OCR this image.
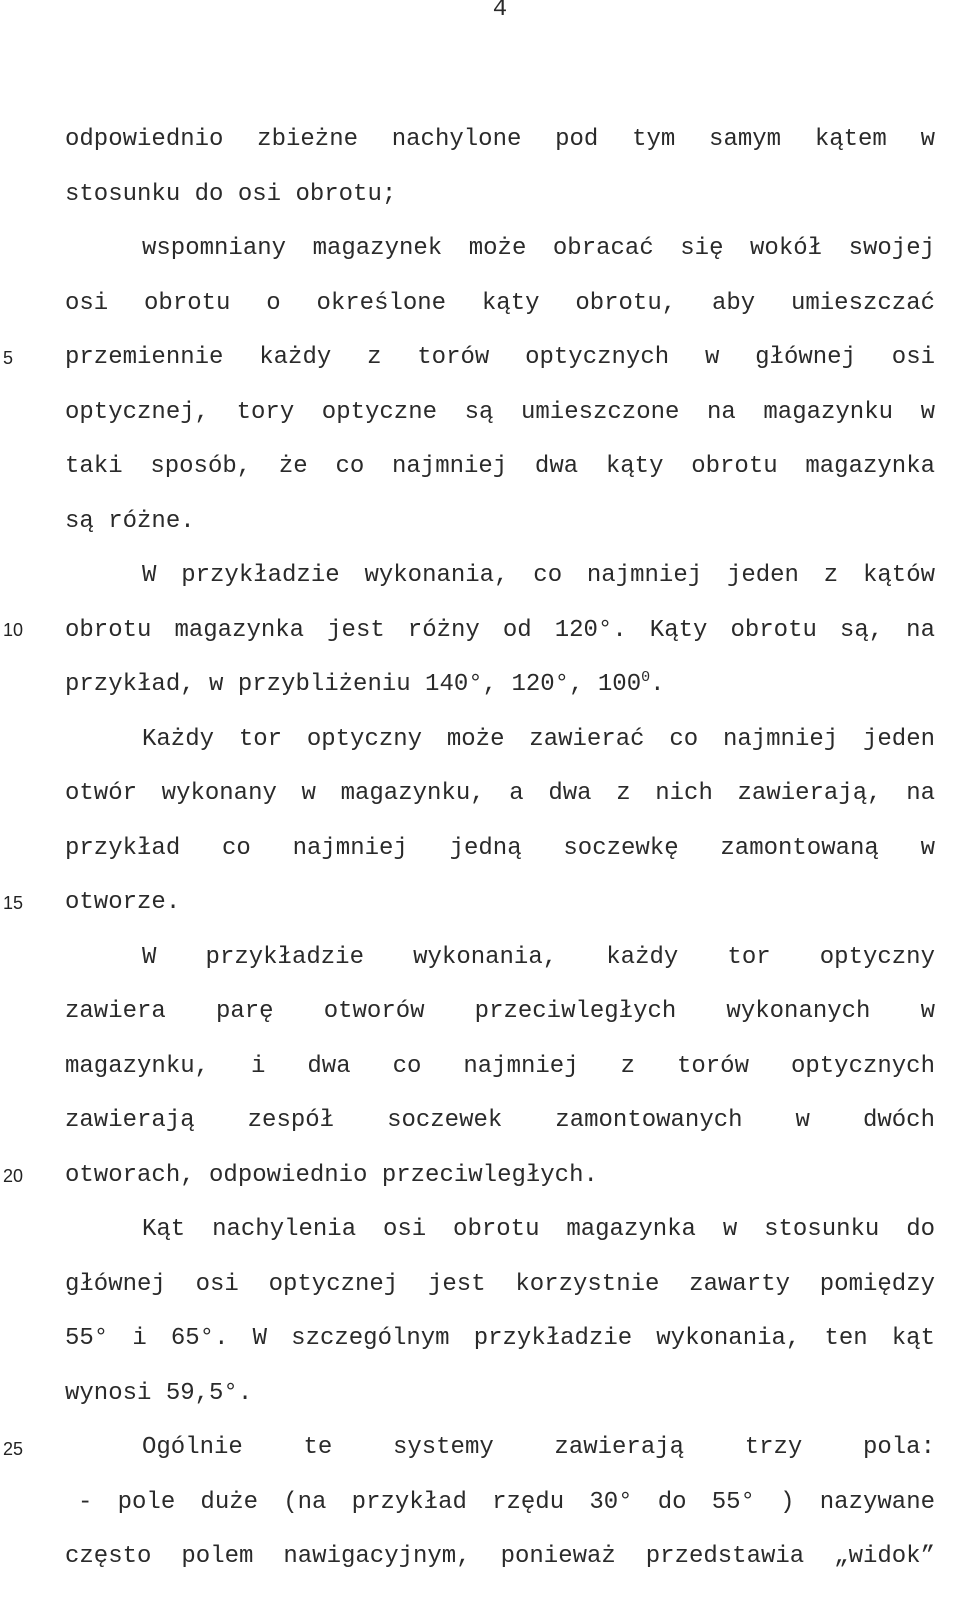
4
5
10
15
20
25
odpowiednio zbieżne nachylone pod tym samym kątem w
stosunku do osi obrotu;
wspomniany magazynek może obracać się wokół swojej
osi obrotu o określone kąty obrotu, aby umieszczać
przemiennie każdy z torów optycznych w głównej osi
optycznej, tory optyczne są umieszczone na magazynku w
taki sposób, że co najmniej dwa kąty obrotu magazynka
są różne.
W przykładzie wykonania, co najmniej jeden z kątów
obrotu magazynka jest różny od 120°. Kąty obrotu są, na
przykład, w przybliżeniu 140°, 120°, $100^0$.
Każdy tor optyczny może zawierać co najmniej jeden
otwór wykonany w magazynku, a dwa z nich zawierają, na
przykład co najmniej jedną soczewkę zamontowaną w
otworze.
W przykładzie wykonania, każdy tor optyczny
zawiera parę otworów przeciwległych wykonanych w
magazynku, i dwa co najmniej z torów optycznych
zawierają zespół soczewek zamontowanych w dwóch
otworach, odpowiednio przeciwległych.
Kąt nachylenia osi obrotu magazynka w stosunku do
głównej osi optycznej jest korzystnie zawarty pomiędzy
55° i 65°. W szczególnym przykładzie wykonania, ten kąt
wynosi 59,5°.
Ogólnie te systemy zawierają trzy pola:
- pole duże (na przykład rzędu 30° do 55° ) nazywane
często polem nawigacyjnym, ponieważ przedstawia „widok”
